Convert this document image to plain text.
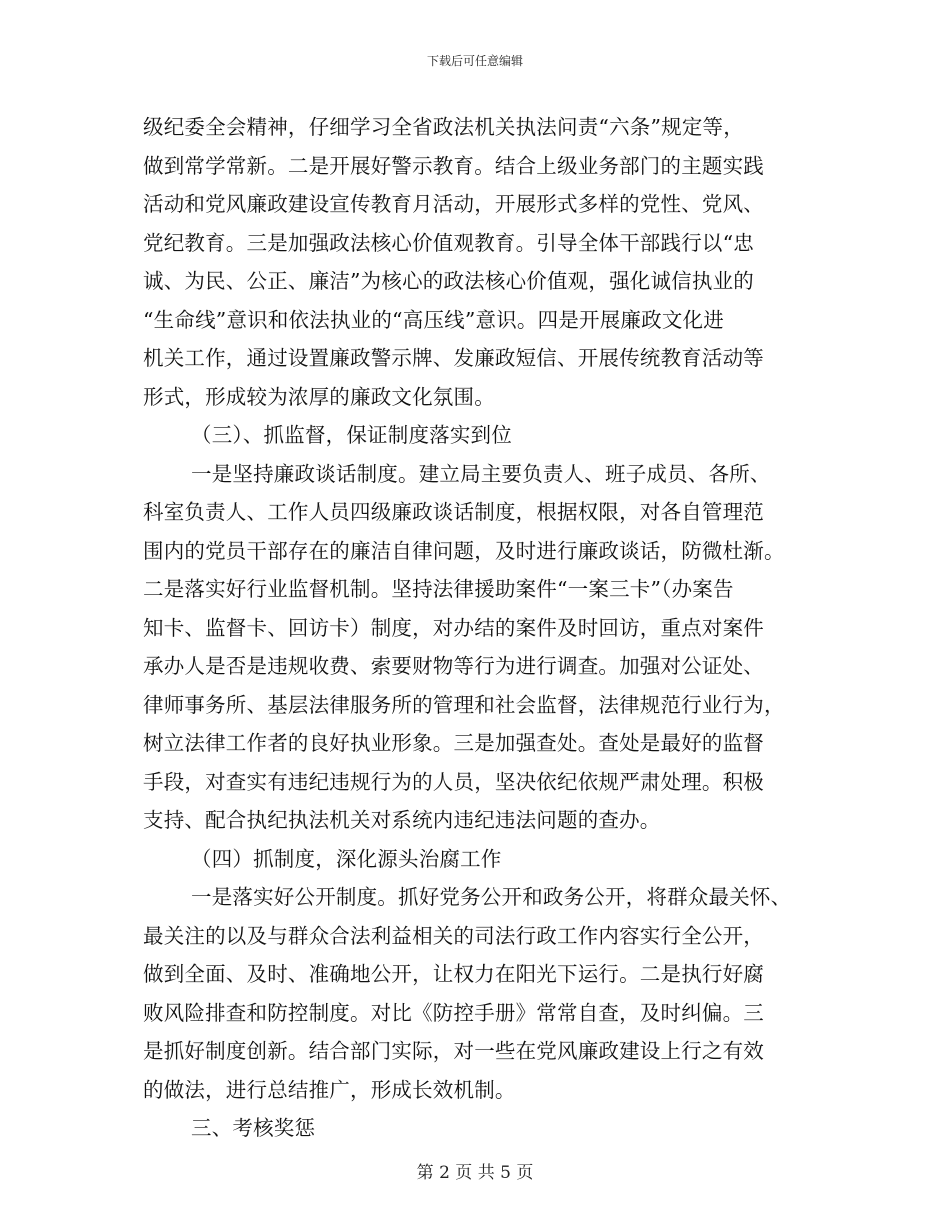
下载后可任意编辑
级纪委全会精神，仔细学习全省政法机关执法问责“六条”规定等，
做到常学常新。二是开展好警示教育。结合上级业务部门的主题实践
活动和党风廉政建设宣传教育月活动，开展形式多样的党性、党风、
党纪教育。三是加强政法核心价值观教育。引导全体干部践行以“忠
诚、为民、公正、廉洁”为核心的政法核心价值观，强化诚信执业的
“生命线”意识和依法执业的“高压线”意识。四是开展廉政文化进
机关工作，通过设置廉政警示牌、发廉政短信、开展传统教育活动等
形式，形成较为浓厚的廉政文化氛围。
（三）、抓监督，保证制度落实到位
一是坚持廉政谈话制度。建立局主要负责人、班子成员、各所、
科室负责人、工作人员四级廉政谈话制度，根据权限，对各自管理范
围内的党员干部存在的廉洁自律问题，及时进行廉政谈话，防微杜渐。
二是落实好行业监督机制。坚持法律援助案件“一案三卡”（办案告
知卡、监督卡、回访卡）制度，对办结的案件及时回访，重点对案件
承办人是否是违规收费、索要财物等行为进行调查。加强对公证处、
律师事务所、基层法律服务所的管理和社会监督，法律规范行业行为，
树立法律工作者的良好执业形象。三是加强查处。查处是最好的监督
手段，对查实有违纪违规行为的人员，坚决依纪依规严肃处理。积极
支持、配合执纪执法机关对系统内违纪违法问题的查办。
（四）抓制度，深化源头治腐工作
一是落实好公开制度。抓好党务公开和政务公开，将群众最关怀、
最关注的以及与群众合法利益相关的司法行政工作内容实行全公开，
做到全面、及时、准确地公开，让权力在阳光下运行。二是执行好腐
败风险排查和防控制度。对比《防控手册》常常自查，及时纠偏。三
是抓好制度创新。结合部门实际，对一些在党风廉政建设上行之有效
的做法，进行总结推广，形成长效机制。
三、考核奖惩
第 2 页 共 5 页
